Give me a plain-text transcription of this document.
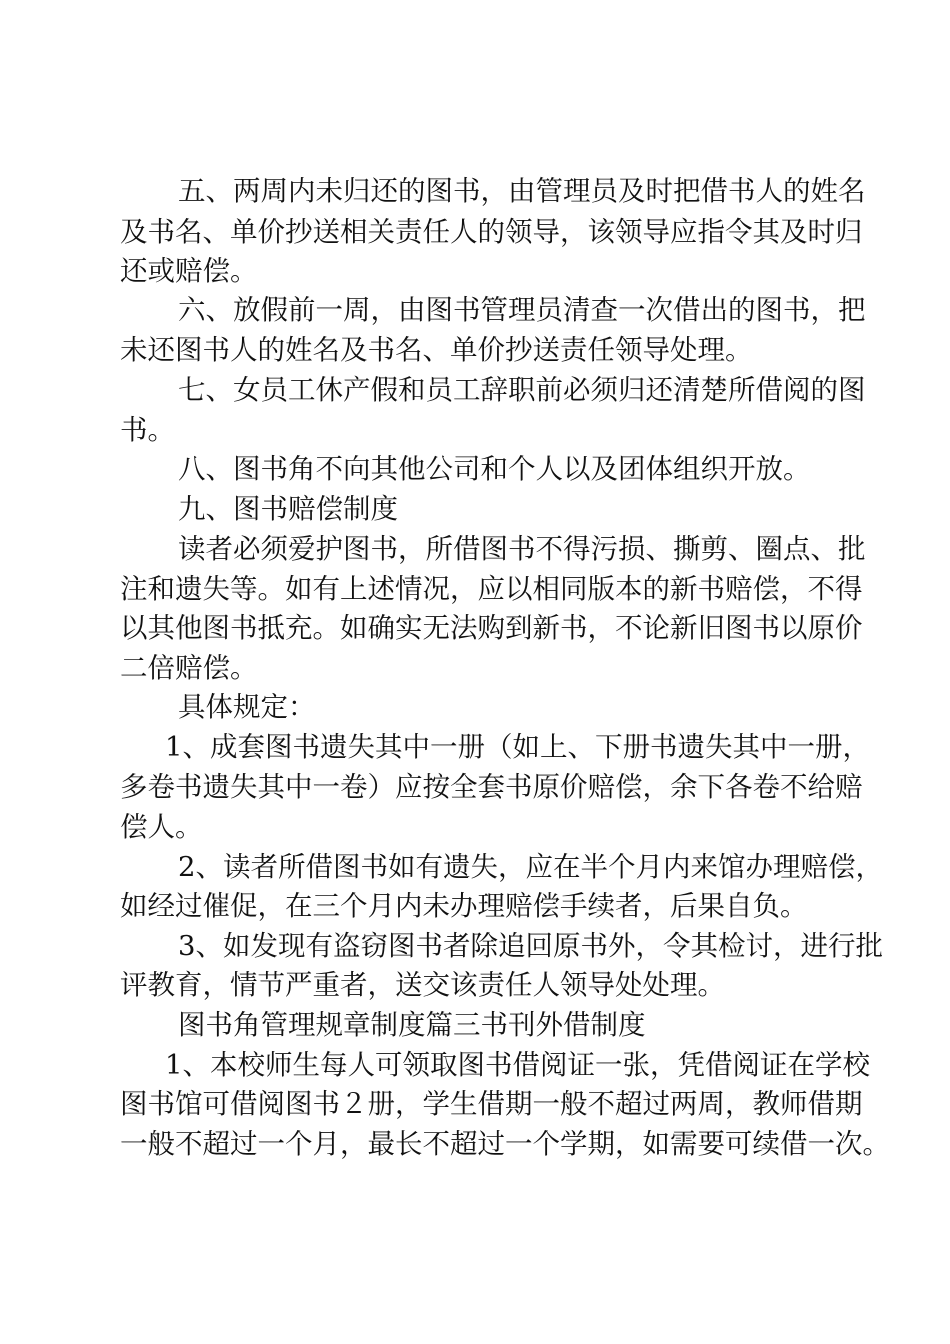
五、两周内未归还的图书，由管理员及时把借书人的姓名
及书名、单价抄送相关责任人的领导，该领导应指令其及时归
还或赔偿。
六、放假前一周，由图书管理员清查一次借出的图书，把
未还图书人的姓名及书名、单价抄送责任领导处理。
七、女员工休产假和员工辞职前必须归还清楚所借阅的图
书。
八、图书角不向其他公司和个人以及团体组织开放。
九、图书赔偿制度
读者必须爱护图书，所借图书不得污损、撕剪、圈点、批
注和遗失等。如有上述情况，应以相同版本的新书赔偿，不得
以其他图书抵充。如确实无法购到新书，不论新旧图书以原价
二倍赔偿。
具体规定：
1、成套图书遗失其中一册（如上、下册书遗失其中一册，
多卷书遗失其中一卷）应按全套书原价赔偿，余下各卷不给赔
偿人。
2、读者所借图书如有遗失，应在半个月内来馆办理赔偿，
如经过催促，在三个月内未办理赔偿手续者，后果自负。
3、如发现有盗窃图书者除追回原书外，令其检讨，进行批
评教育，情节严重者，送交该责任人领导处处理。
图书角管理规章制度篇三书刊外借制度
1、本校师生每人可领取图书借阅证一张，凭借阅证在学校
图书馆可借阅图书２册，学生借期一般不超过两周，教师借期
一般不超过一个月，最长不超过一个学期，如需要可续借一次。
